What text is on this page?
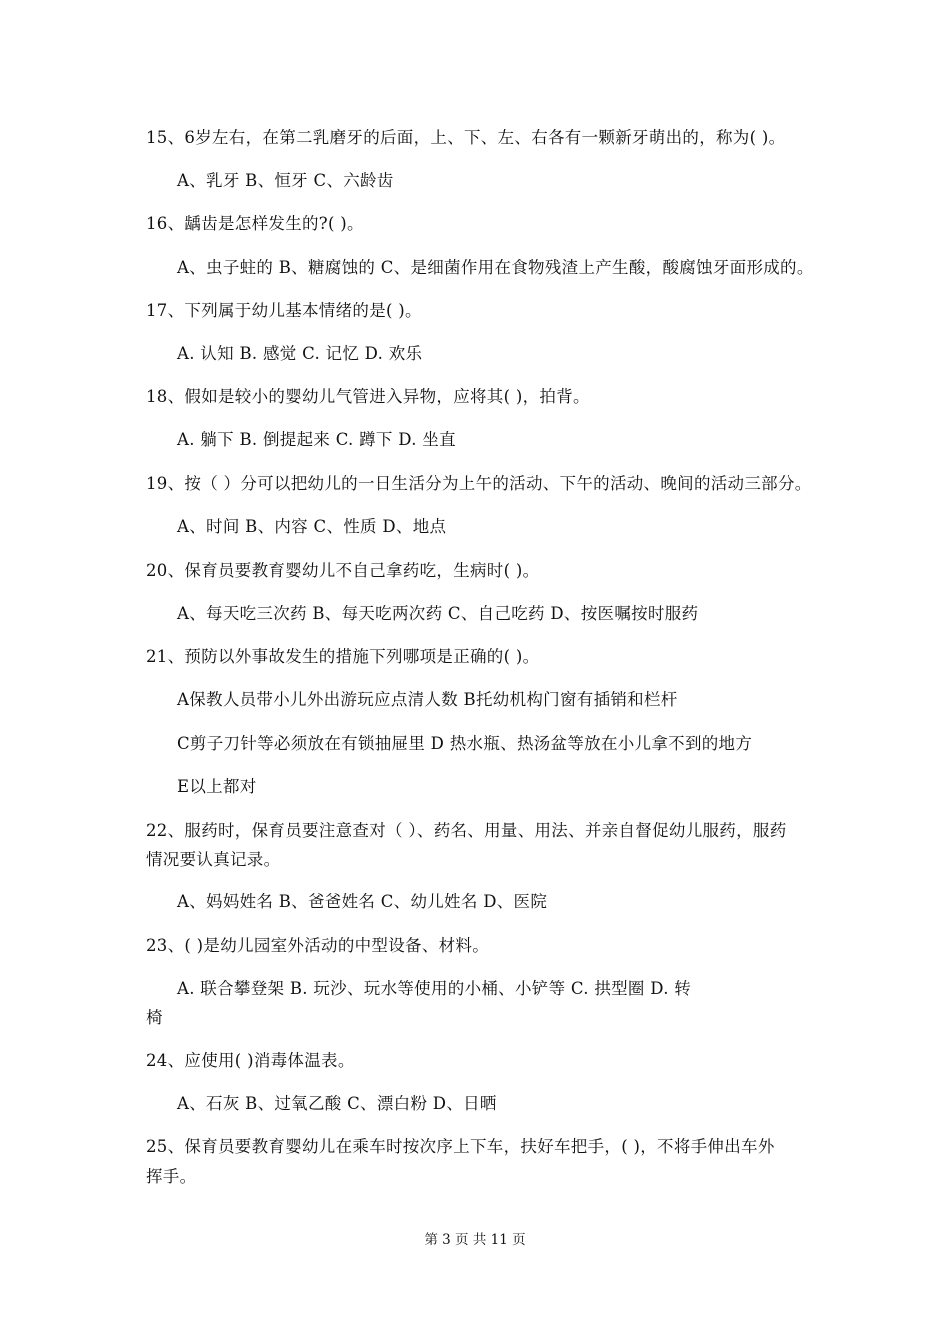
15、6岁左右，在第二乳磨牙的后面，上、下、左、右各有一颗新牙萌出的，称为( )。
A、乳牙 B、恒牙 C、六龄齿
16、龋齿是怎样发生的?( )。
A、虫子蛀的 B、糖腐蚀的 C、是细菌作用在食物残渣上产生酸，酸腐蚀牙面形成的。
17、下列属于幼儿基本情绪的是( )。
A. 认知 B. 感觉 C. 记忆 D. 欢乐
18、假如是较小的婴幼儿气管进入异物，应将其( )，拍背。
A. 躺下 B. 倒提起来 C. 蹲下 D. 坐直
19、按（ ）分可以把幼儿的一日生活分为上午的活动、下午的活动、晚间的活动三部分。
A、时间 B、内容 C、性质 D、地点
20、保育员要教育婴幼儿不自己拿药吃，生病时( )。
A、每天吃三次药 B、每天吃两次药 C、自己吃药 D、按医嘱按时服药
21、预防以外事故发生的措施下列哪项是正确的( )。
A保教人员带小儿外出游玩应点清人数 B托幼机构门窗有插销和栏杆
C剪子刀针等必须放在有锁抽屉里 D 热水瓶、热汤盆等放在小儿拿不到的地方
E以上都对
22、服药时，保育员要注意查对（ ）、药名、用量、用法、并亲自督促幼儿服药，服药
情况要认真记录。
A、妈妈姓名 B、爸爸姓名 C、幼儿姓名 D、医院
23、( )是幼儿园室外活动的中型设备、材料。
A. 联合攀登架 B. 玩沙、玩水等使用的小桶、小铲等 C. 拱型圈 D. 转
椅
24、应使用( )消毒体温表。
A、石灰 B、过氧乙酸 C、漂白粉 D、日晒
25、保育员要教育婴幼儿在乘车时按次序上下车，扶好车把手，( )，不将手伸出车外
挥手。
第 3 页 共 11 页
